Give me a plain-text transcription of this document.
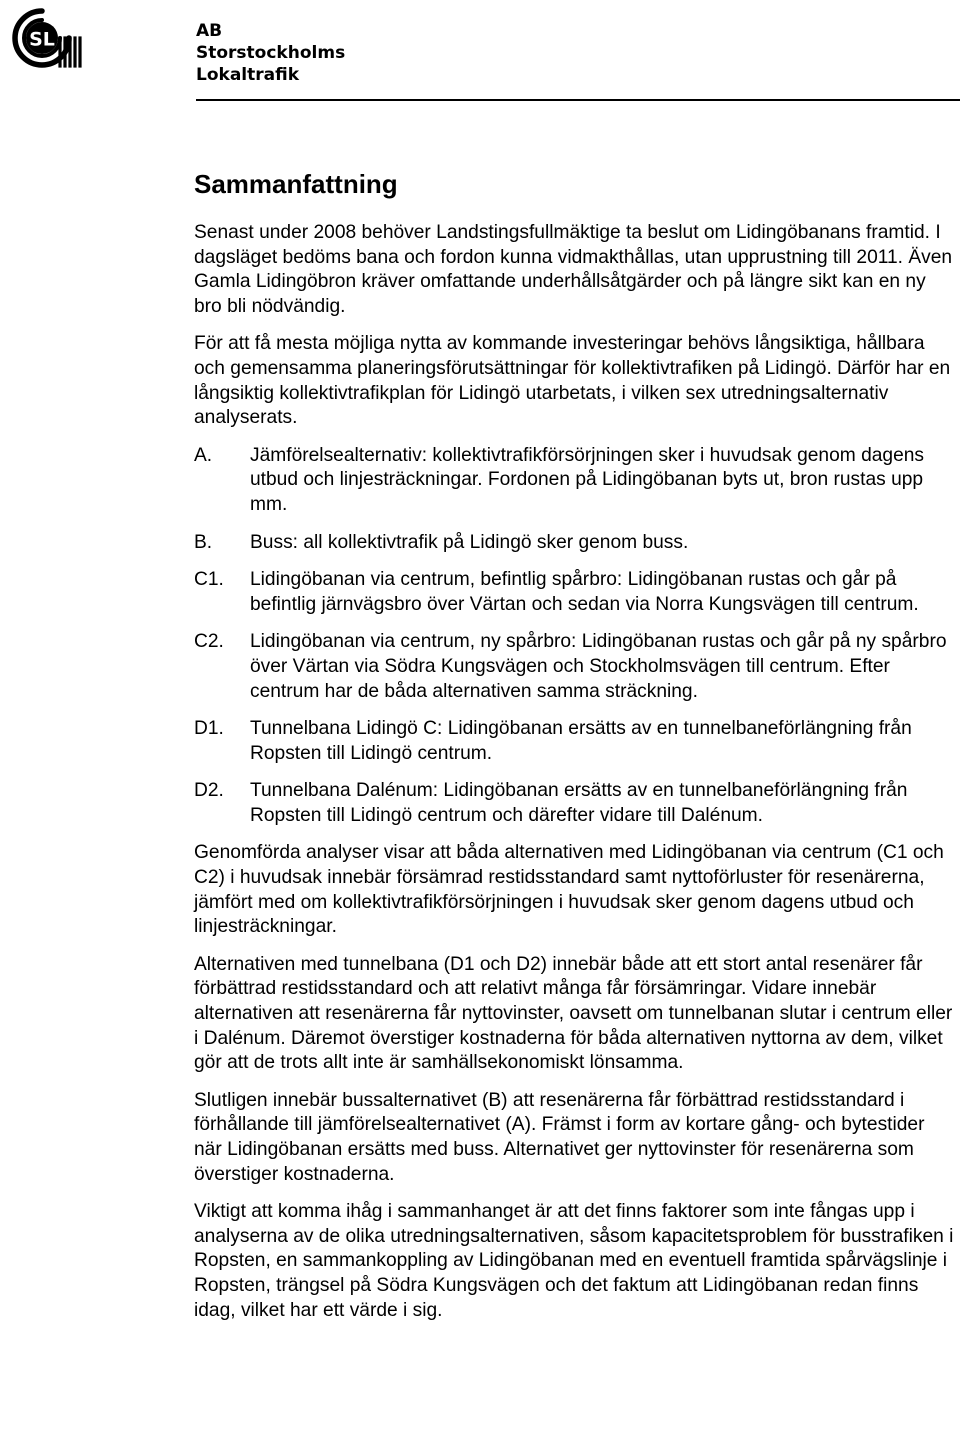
SL	AB
Storstockholms
Lokaltrafik
Sammanfattning

Senast under 2008 behöver Landstingsfullmäktige ta beslut om Lidingöbanans framtid. I dagsläget bedöms bana och fordon kunna vidmakthållas, utan upprustning till 2011. Även Gamla Lidingöbron kräver omfattande underhållsåtgärder och på längre sikt kan en ny bro bli nödvändig.

För att få mesta möjliga nytta av kommande investeringar behövs långsiktiga, hållbara och gemensamma planeringsförutsättningar för kollektivtrafiken på Lidingö. Därför har en långsiktig kollektivtrafikplan för Lidingö utarbetats, i vilken sex utredningsalternativ analyserats.

A.	Jämförelsealternativ: kollektivtrafikförsörjningen sker i huvudsak genom dagens utbud och linjesträckningar. Fordonen på Lidingöbanan byts ut, bron rustas upp mm.
B.	Buss: all kollektivtrafik på Lidingö sker genom buss.
C1.	Lidingöbanan via centrum, befintlig spårbro: Lidingöbanan rustas och går på befintlig järnvägsbro över Värtan och sedan via Norra Kungsvägen till centrum.
C2.	Lidingöbanan via centrum, ny spårbro: Lidingöbanan rustas och går på ny spårbro över Värtan via Södra Kungsvägen och Stockholmsvägen till centrum. Efter centrum har de båda alternativen samma sträckning.
D1.	Tunnelbana Lidingö C: Lidingöbanan ersätts av en tunnelbaneförlängning från Ropsten till Lidingö centrum.
D2.	Tunnelbana Dalénum: Lidingöbanan ersätts av en tunnelbaneförlängning från Ropsten till Lidingö centrum och därefter vidare till Dalénum.

Genomförda analyser visar att båda alternativen med Lidingöbanan via centrum (C1 och C2) i huvudsak innebär försämrad restidsstandard samt nyttoförluster för resenärerna, jämfört med om kollektivtrafikförsörjningen i huvudsak sker genom dagens utbud och linjesträckningar.

Alternativen med tunnelbana (D1 och D2) innebär både att ett stort antal resenärer får förbättrad restidsstandard och att relativt många får försämringar. Vidare innebär alternativen att resenärerna får nyttovinster, oavsett om tunnelbanan slutar i centrum eller i Dalénum. Däremot överstiger kostnaderna för båda alternativen nyttorna av dem, vilket gör att de trots allt inte är samhällsekonomiskt lönsamma.

Slutligen innebär bussalternativet (B) att resenärerna får förbättrad restidsstandard i förhållande till jämförelsealternativet (A). Främst i form av kortare gång- och bytestider när Lidingöbanan ersätts med buss. Alternativet ger nyttovinster för resenärerna som överstiger kostnaderna.

Viktigt att komma ihåg i sammanhanget är att det finns faktorer som inte fångas upp i analyserna av de olika utredningsalternativen, såsom kapacitetsproblem för busstrafiken i Ropsten, en sammankoppling av Lidingöbanan med en eventuell framtida spårvägslinje i Ropsten, trängsel på Södra Kungsvägen och det faktum att Lidingöbanan redan finns idag, vilket har ett värde i sig.
